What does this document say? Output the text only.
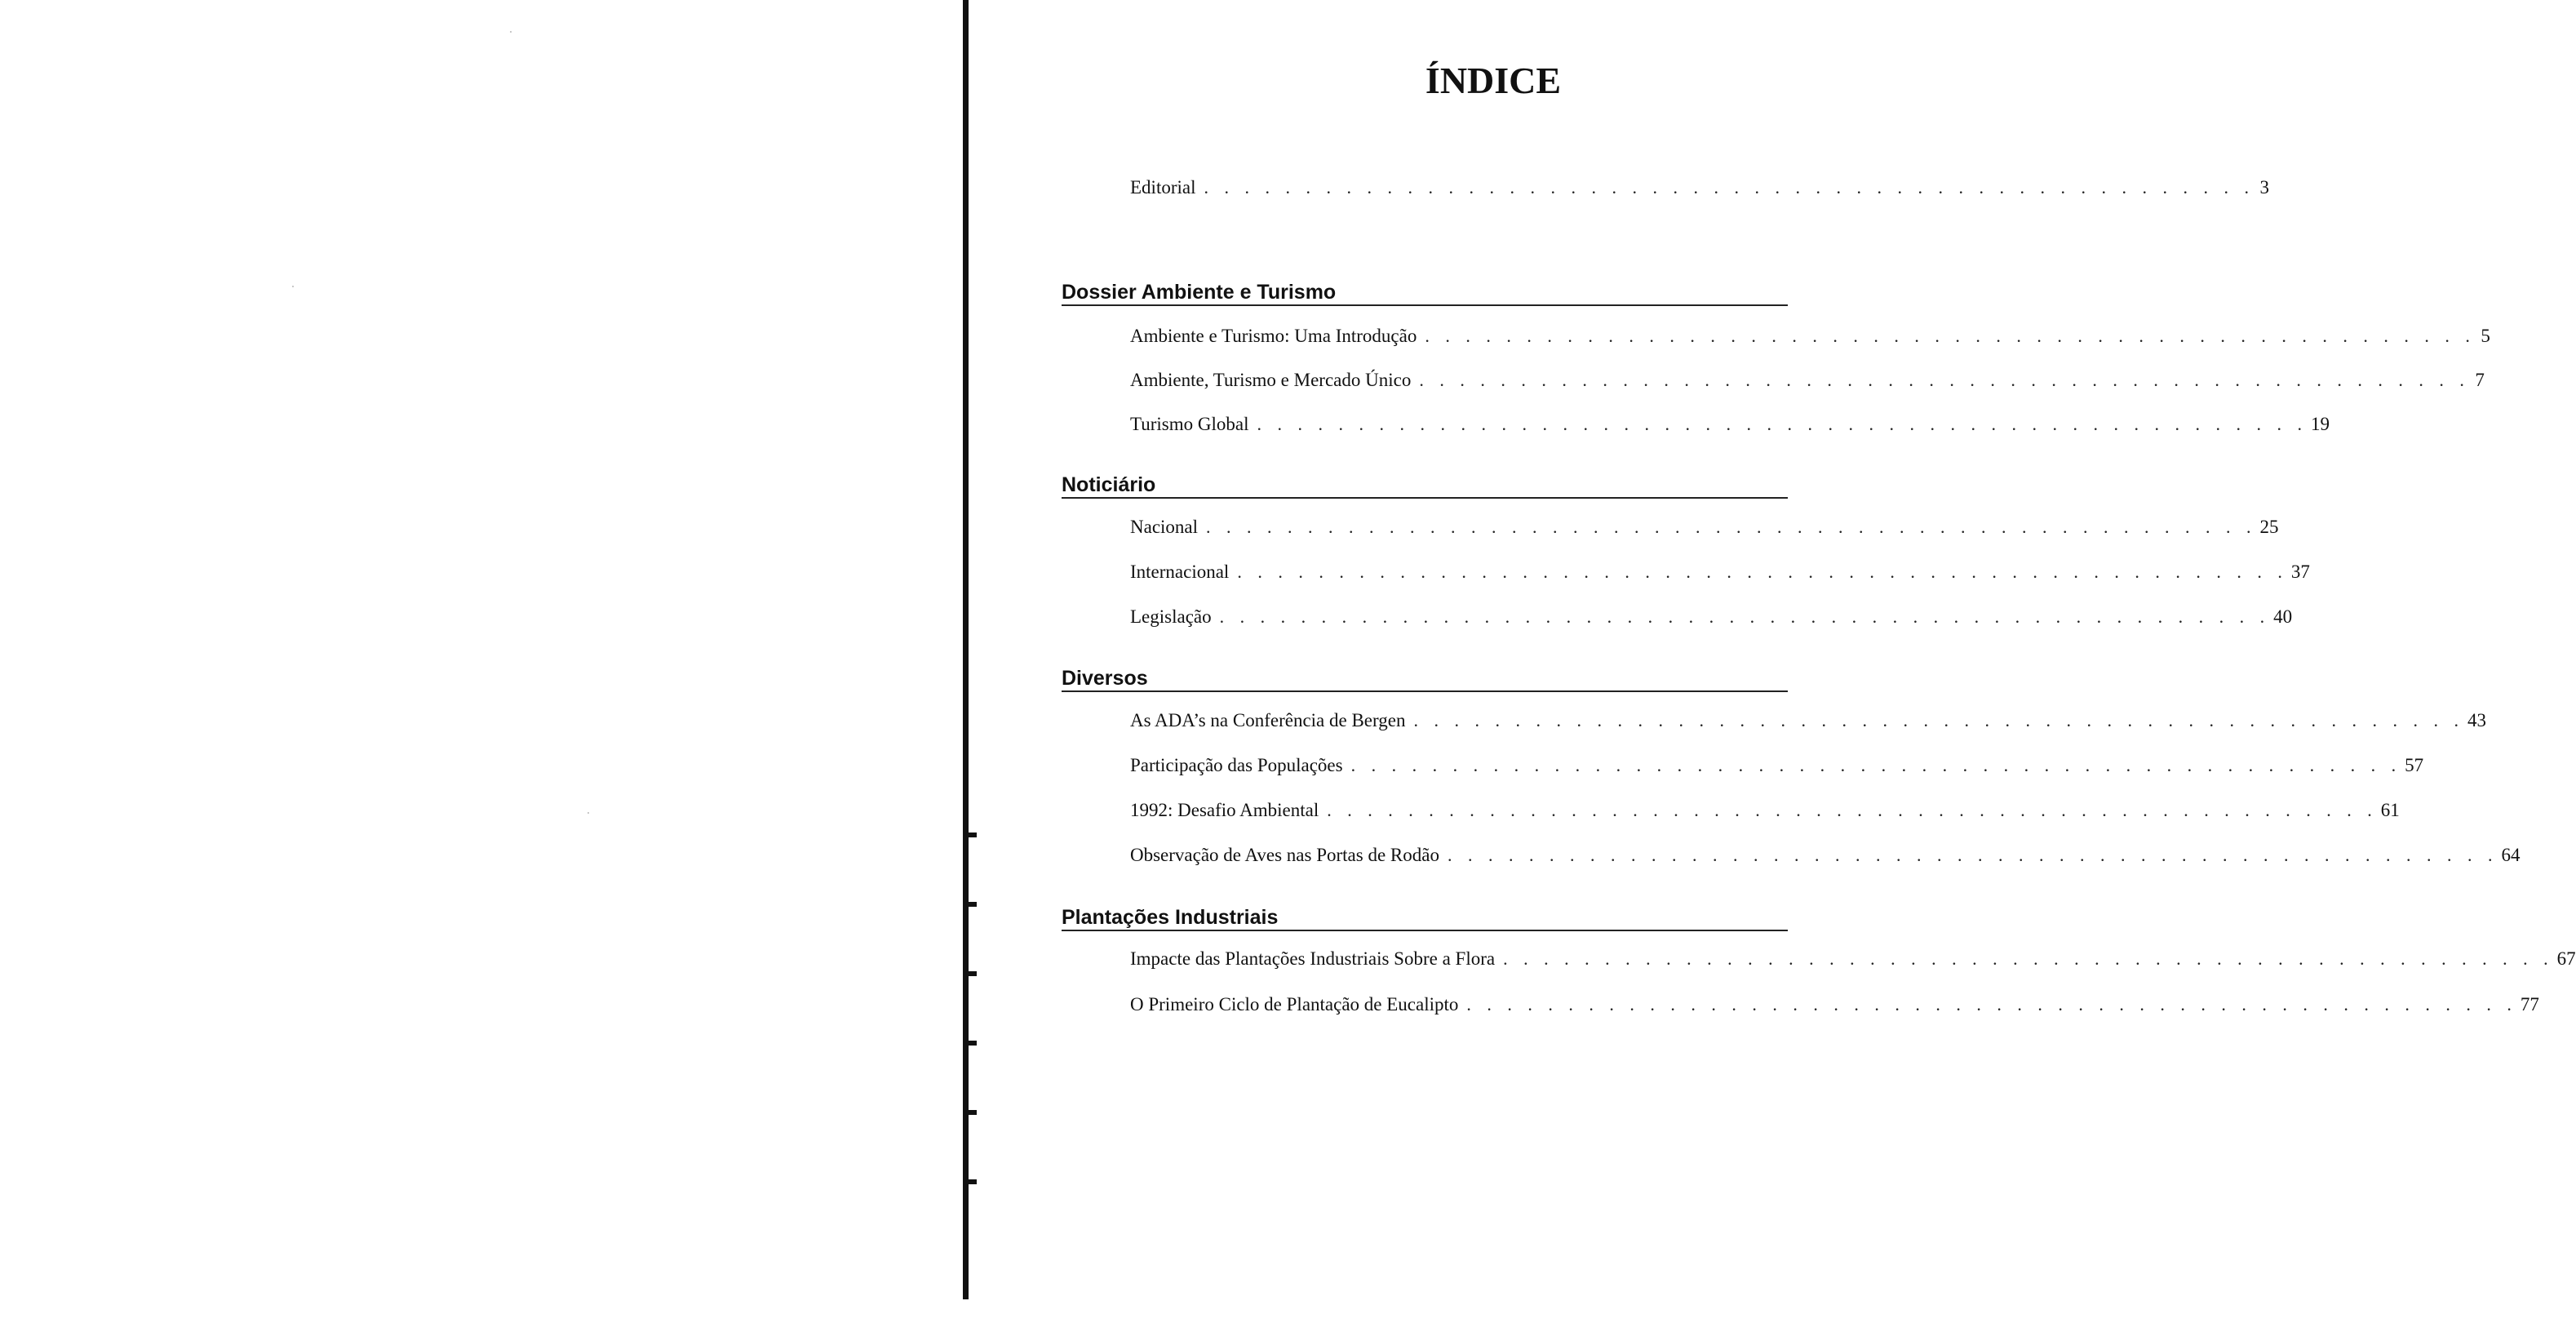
ÍNDICE
Editorial . . . . . . . . . . . . . . . . . . . . . . . . . . . . . . . . . . . . . . . . . . . . . . . . . . . . 3
Dossier Ambiente e Turismo
Ambiente e Turismo: Uma Introdução . . . . . . . . . . . . . . . . . . . . . . . . . . . . . . . . . . . . . . . . . . . . . . . . . . . . 5
Ambiente, Turismo e Mercado Único . . . . . . . . . . . . . . . . . . . . . . . . . . . . . . . . . . . . . . . . . . . . . . . . . . . . 7
Turismo Global . . . . . . . . . . . . . . . . . . . . . . . . . . . . . . . . . . . . . . . . . . . . . . . . . . . . 19
Noticiário
Nacional . . . . . . . . . . . . . . . . . . . . . . . . . . . . . . . . . . . . . . . . . . . . . . . . . . . . 25
Internacional . . . . . . . . . . . . . . . . . . . . . . . . . . . . . . . . . . . . . . . . . . . . . . . . . . . . 37
Legislação . . . . . . . . . . . . . . . . . . . . . . . . . . . . . . . . . . . . . . . . . . . . . . . . . . . . 40
Diversos
As ADA’s na Conferência de Bergen . . . . . . . . . . . . . . . . . . . . . . . . . . . . . . . . . . . . . . . . . . . . . . . . . . . . 43
Participação das Populações . . . . . . . . . . . . . . . . . . . . . . . . . . . . . . . . . . . . . . . . . . . . . . . . . . . . 57
1992: Desafio Ambiental . . . . . . . . . . . . . . . . . . . . . . . . . . . . . . . . . . . . . . . . . . . . . . . . . . . . 61
Observação de Aves nas Portas de Rodão . . . . . . . . . . . . . . . . . . . . . . . . . . . . . . . . . . . . . . . . . . . . . . . . . . . . 64
Plantações Industriais
Impacte das Plantações Industriais Sobre a Flora . . . . . . . . . . . . . . . . . . . . . . . . . . . . . . . . . . . . . . . . . . . . . . . . . . . . 67
O Primeiro Ciclo de Plantação de Eucalipto . . . . . . . . . . . . . . . . . . . . . . . . . . . . . . . . . . . . . . . . . . . . . . . . . . . . 77
